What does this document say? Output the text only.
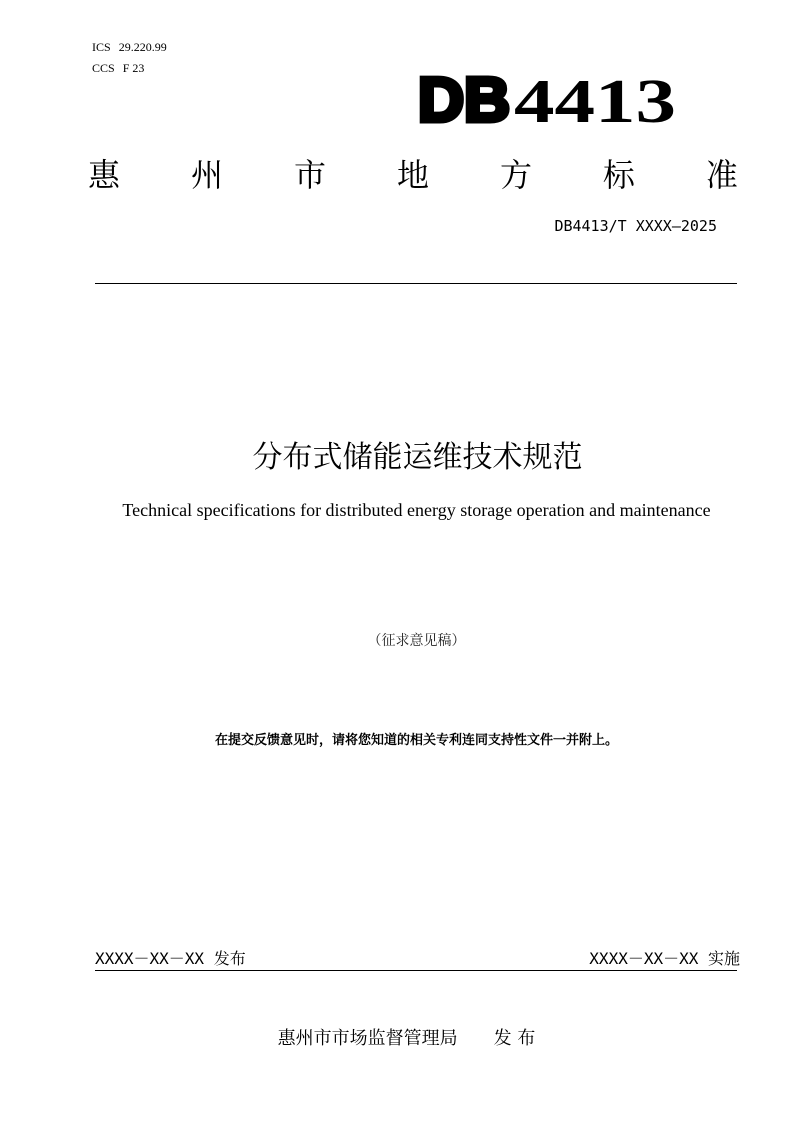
ICS 29.220.99
CCS F 23	DB 4413
惠 州 市 地 方 标 准
DB4413/T XXXX—2025
分布式储能运维技术规范
Technical specifications for distributed energy storage operation and maintenance
（征求意见稿）
在提交反馈意见时，请将您知道的相关专利连同支持性文件一并附上。
XXXX－XX－XX 发布	XXXX－XX－XX 实施
惠州市市场监督管理局 发 布
